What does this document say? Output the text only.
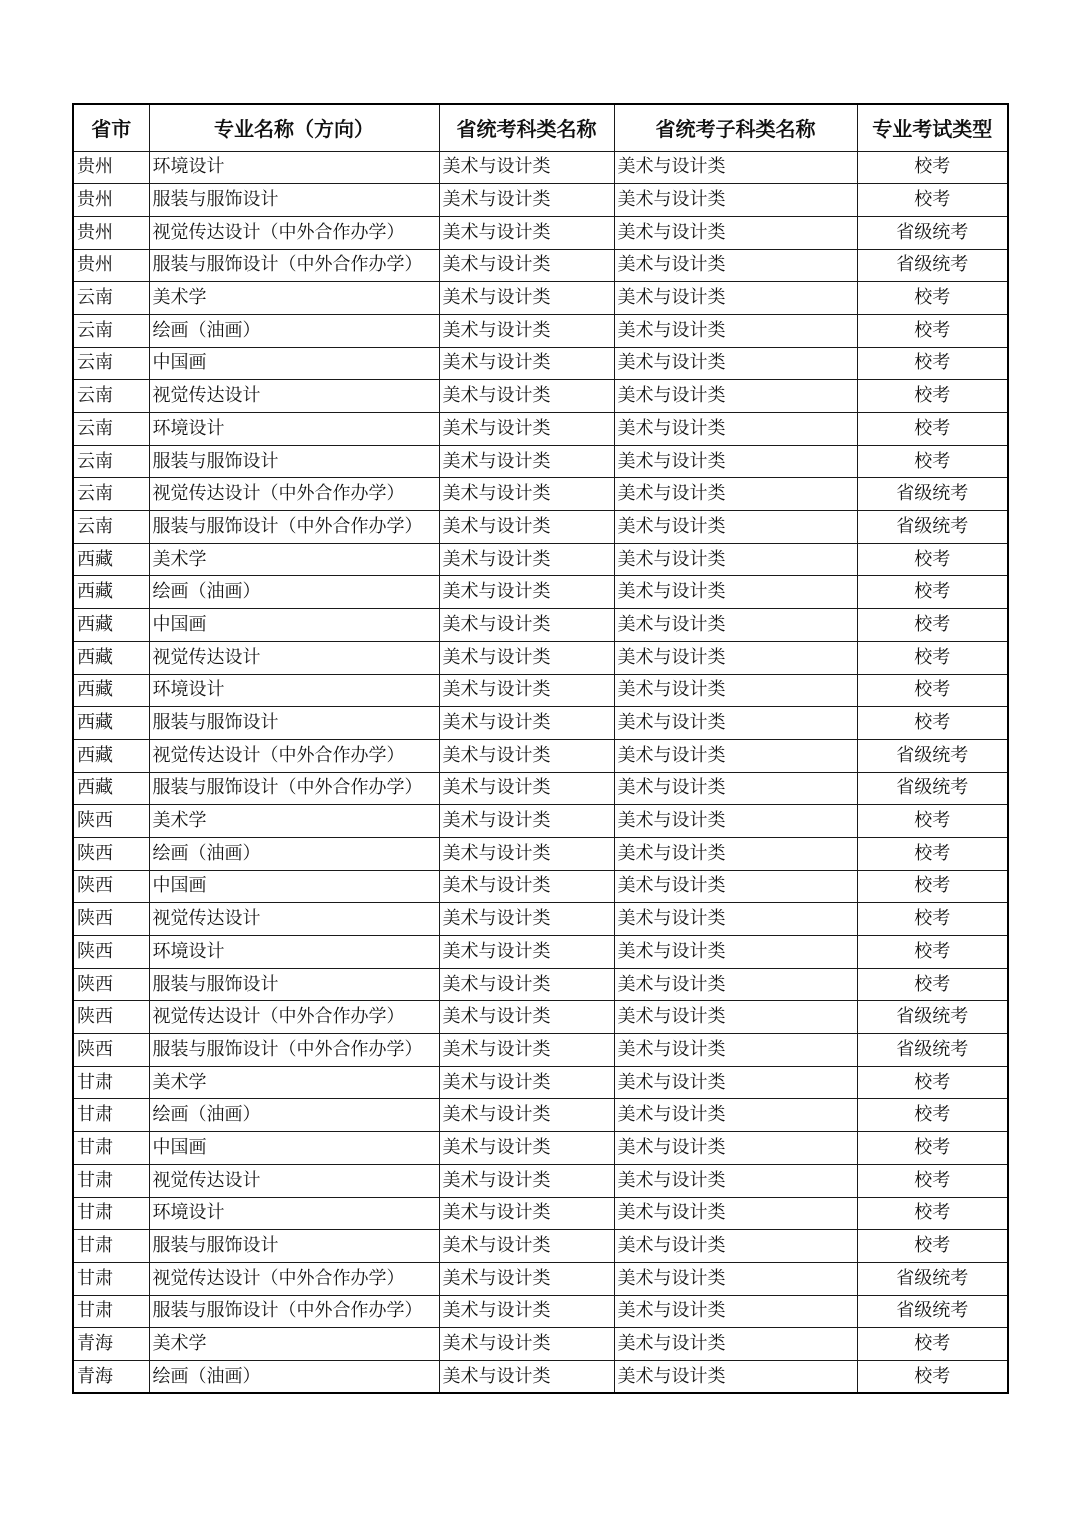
省市	专业名称（方向）	省统考科类名称	省统考子科类名称	专业考试类型
贵州	环境设计	美术与设计类	美术与设计类	校考
贵州	服装与服饰设计	美术与设计类	美术与设计类	校考
贵州	视觉传达设计（中外合作办学）	美术与设计类	美术与设计类	省级统考
贵州	服装与服饰设计（中外合作办学）	美术与设计类	美术与设计类	省级统考
云南	美术学	美术与设计类	美术与设计类	校考
云南	绘画（油画）	美术与设计类	美术与设计类	校考
云南	中国画	美术与设计类	美术与设计类	校考
云南	视觉传达设计	美术与设计类	美术与设计类	校考
云南	环境设计	美术与设计类	美术与设计类	校考
云南	服装与服饰设计	美术与设计类	美术与设计类	校考
云南	视觉传达设计（中外合作办学）	美术与设计类	美术与设计类	省级统考
云南	服装与服饰设计（中外合作办学）	美术与设计类	美术与设计类	省级统考
西藏	美术学	美术与设计类	美术与设计类	校考
西藏	绘画（油画）	美术与设计类	美术与设计类	校考
西藏	中国画	美术与设计类	美术与设计类	校考
西藏	视觉传达设计	美术与设计类	美术与设计类	校考
西藏	环境设计	美术与设计类	美术与设计类	校考
西藏	服装与服饰设计	美术与设计类	美术与设计类	校考
西藏	视觉传达设计（中外合作办学）	美术与设计类	美术与设计类	省级统考
西藏	服装与服饰设计（中外合作办学）	美术与设计类	美术与设计类	省级统考
陕西	美术学	美术与设计类	美术与设计类	校考
陕西	绘画（油画）	美术与设计类	美术与设计类	校考
陕西	中国画	美术与设计类	美术与设计类	校考
陕西	视觉传达设计	美术与设计类	美术与设计类	校考
陕西	环境设计	美术与设计类	美术与设计类	校考
陕西	服装与服饰设计	美术与设计类	美术与设计类	校考
陕西	视觉传达设计（中外合作办学）	美术与设计类	美术与设计类	省级统考
陕西	服装与服饰设计（中外合作办学）	美术与设计类	美术与设计类	省级统考
甘肃	美术学	美术与设计类	美术与设计类	校考
甘肃	绘画（油画）	美术与设计类	美术与设计类	校考
甘肃	中国画	美术与设计类	美术与设计类	校考
甘肃	视觉传达设计	美术与设计类	美术与设计类	校考
甘肃	环境设计	美术与设计类	美术与设计类	校考
甘肃	服装与服饰设计	美术与设计类	美术与设计类	校考
甘肃	视觉传达设计（中外合作办学）	美术与设计类	美术与设计类	省级统考
甘肃	服装与服饰设计（中外合作办学）	美术与设计类	美术与设计类	省级统考
青海	美术学	美术与设计类	美术与设计类	校考
青海	绘画（油画）	美术与设计类	美术与设计类	校考
